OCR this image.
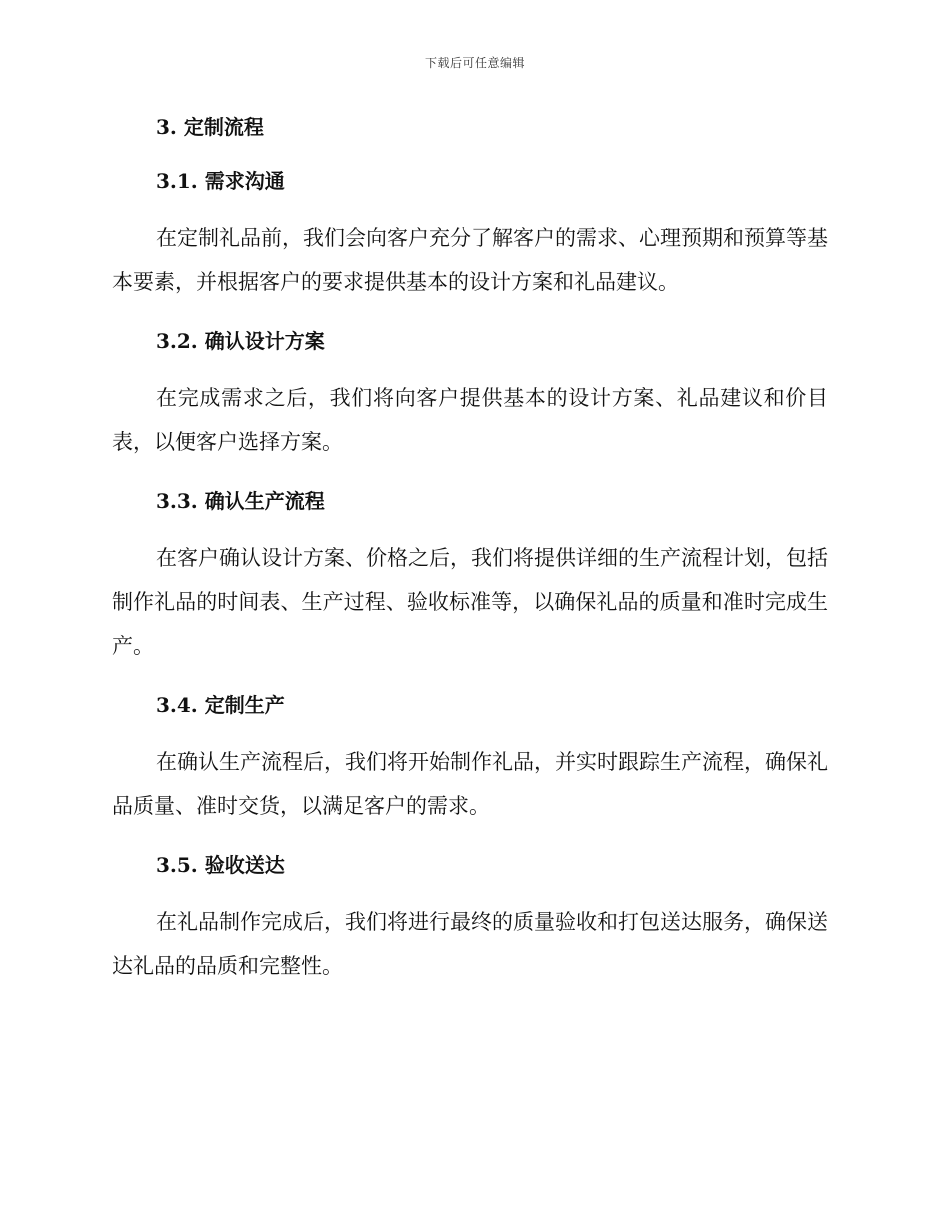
下载后可任意编辑
3. 定制流程
3.1. 需求沟通

在定制礼品前，我们会向客户充分了解客户的需求、心理预期和预算等基本要素，并根据客户的要求提供基本的设计方案和礼品建议。

3.2. 确认设计方案

在完成需求之后，我们将向客户提供基本的设计方案、礼品建议和价目表，以便客户选择方案。

3.3. 确认生产流程

在客户确认设计方案、价格之后，我们将提供详细的生产流程计划，包括制作礼品的时间表、生产过程、验收标准等，以确保礼品的质量和准时完成生产。

3.4. 定制生产

在确认生产流程后，我们将开始制作礼品，并实时跟踪生产流程，确保礼品质量、准时交货，以满足客户的需求。

3.5. 验收送达

在礼品制作完成后，我们将进行最终的质量验收和打包送达服务，确保送达礼品的品质和完整性。
